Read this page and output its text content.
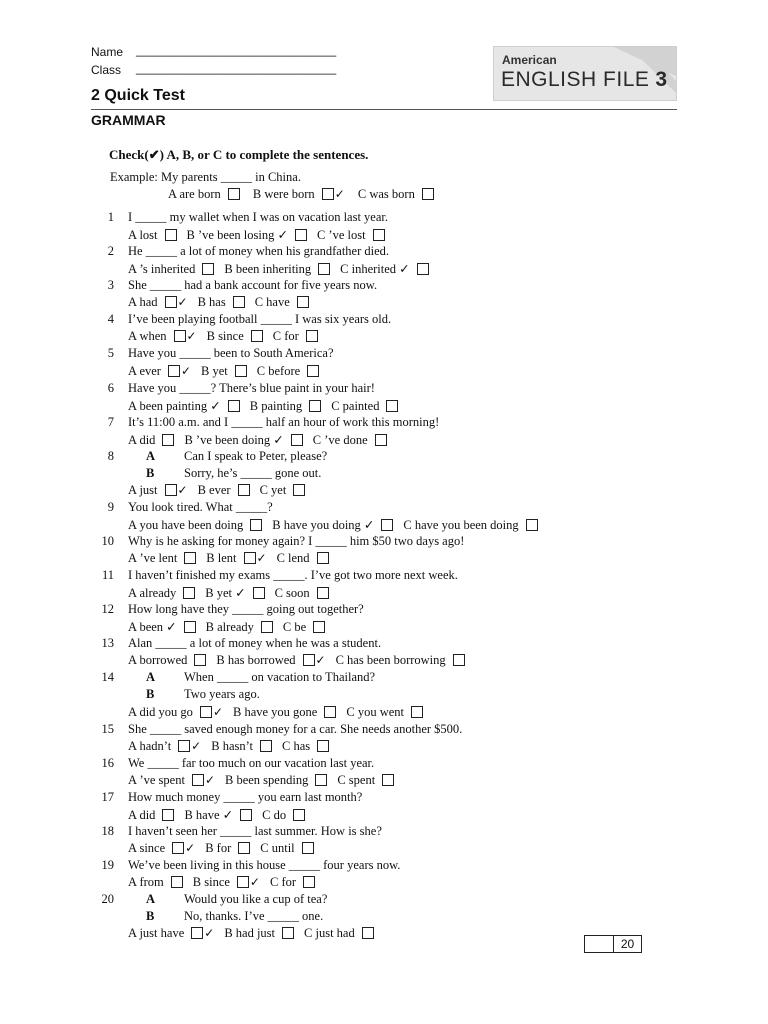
Name ______________________________
Class ______________________________
American
ENGLISH FILE 3
2 Quick Test
GRAMMAR
Check(✔) A, B, or C to complete the sentences.
Example: My parents _____ in China.
A are born	B were born ✓ C was born
1 I _____ my wallet when I was on vacation last year.
A lost B ’ve been losing ✓ C ’ve lost
2 He _____ a lot of money when his grandfather died.
A ’s inherited B been inheriting C inherited ✓
3 She _____ had a bank account for five years now.
A had ✓ B has C have
4 I’ve been playing football _____ I was six years old.
A when ✓ B since C for
5 Have you _____ been to South America?
A ever ✓ B yet C before
6 Have you _____? There’s blue paint in your hair!
A been painting ✓ B painting C painted
7 It’s 11:00 a.m. and I _____ half an hour of work this morning!
A did B ’ve been doing ✓ C ’ve done
8	A Can I speak to Peter, please?
B Sorry, he’s _____ gone out.
A just ✓ B ever C yet
9 You look tired. What _____?
A you have been doing B have you doing ✓ C have you been doing
10 Why is he asking for money again? I _____ him $50 two days ago!
A ’ve lent B lent ✓ C lend
11 I haven’t finished my exams _____. I’ve got two more next week.
A already B yet ✓ C soon
12 How long have they _____ going out together?
A been ✓ B already C be
13 Alan _____ a lot of money when he was a student.
A borrowed B has borrowed ✓ C has been borrowing
14	A When _____ on vacation to Thailand?
B Two years ago.
A did you go ✓ B have you gone C you went
15 She _____ saved enough money for a car. She needs another $500.
A hadn’t ✓ B hasn’t C has
16 We _____ far too much on our vacation last year.
A ’ve spent ✓ B been spending C spent
17 How much money _____ you earn last month?
A did B have ✓ C do
18 I haven’t seen her _____ last summer. How is she?
A since ✓ B for C until
19 We’ve been living in this house _____ four years now.
A from B since ✓ C for
20	A Would you like a cup of tea?
B No, thanks. I’ve _____ one.
A just have ✓ B had just C just had
20
